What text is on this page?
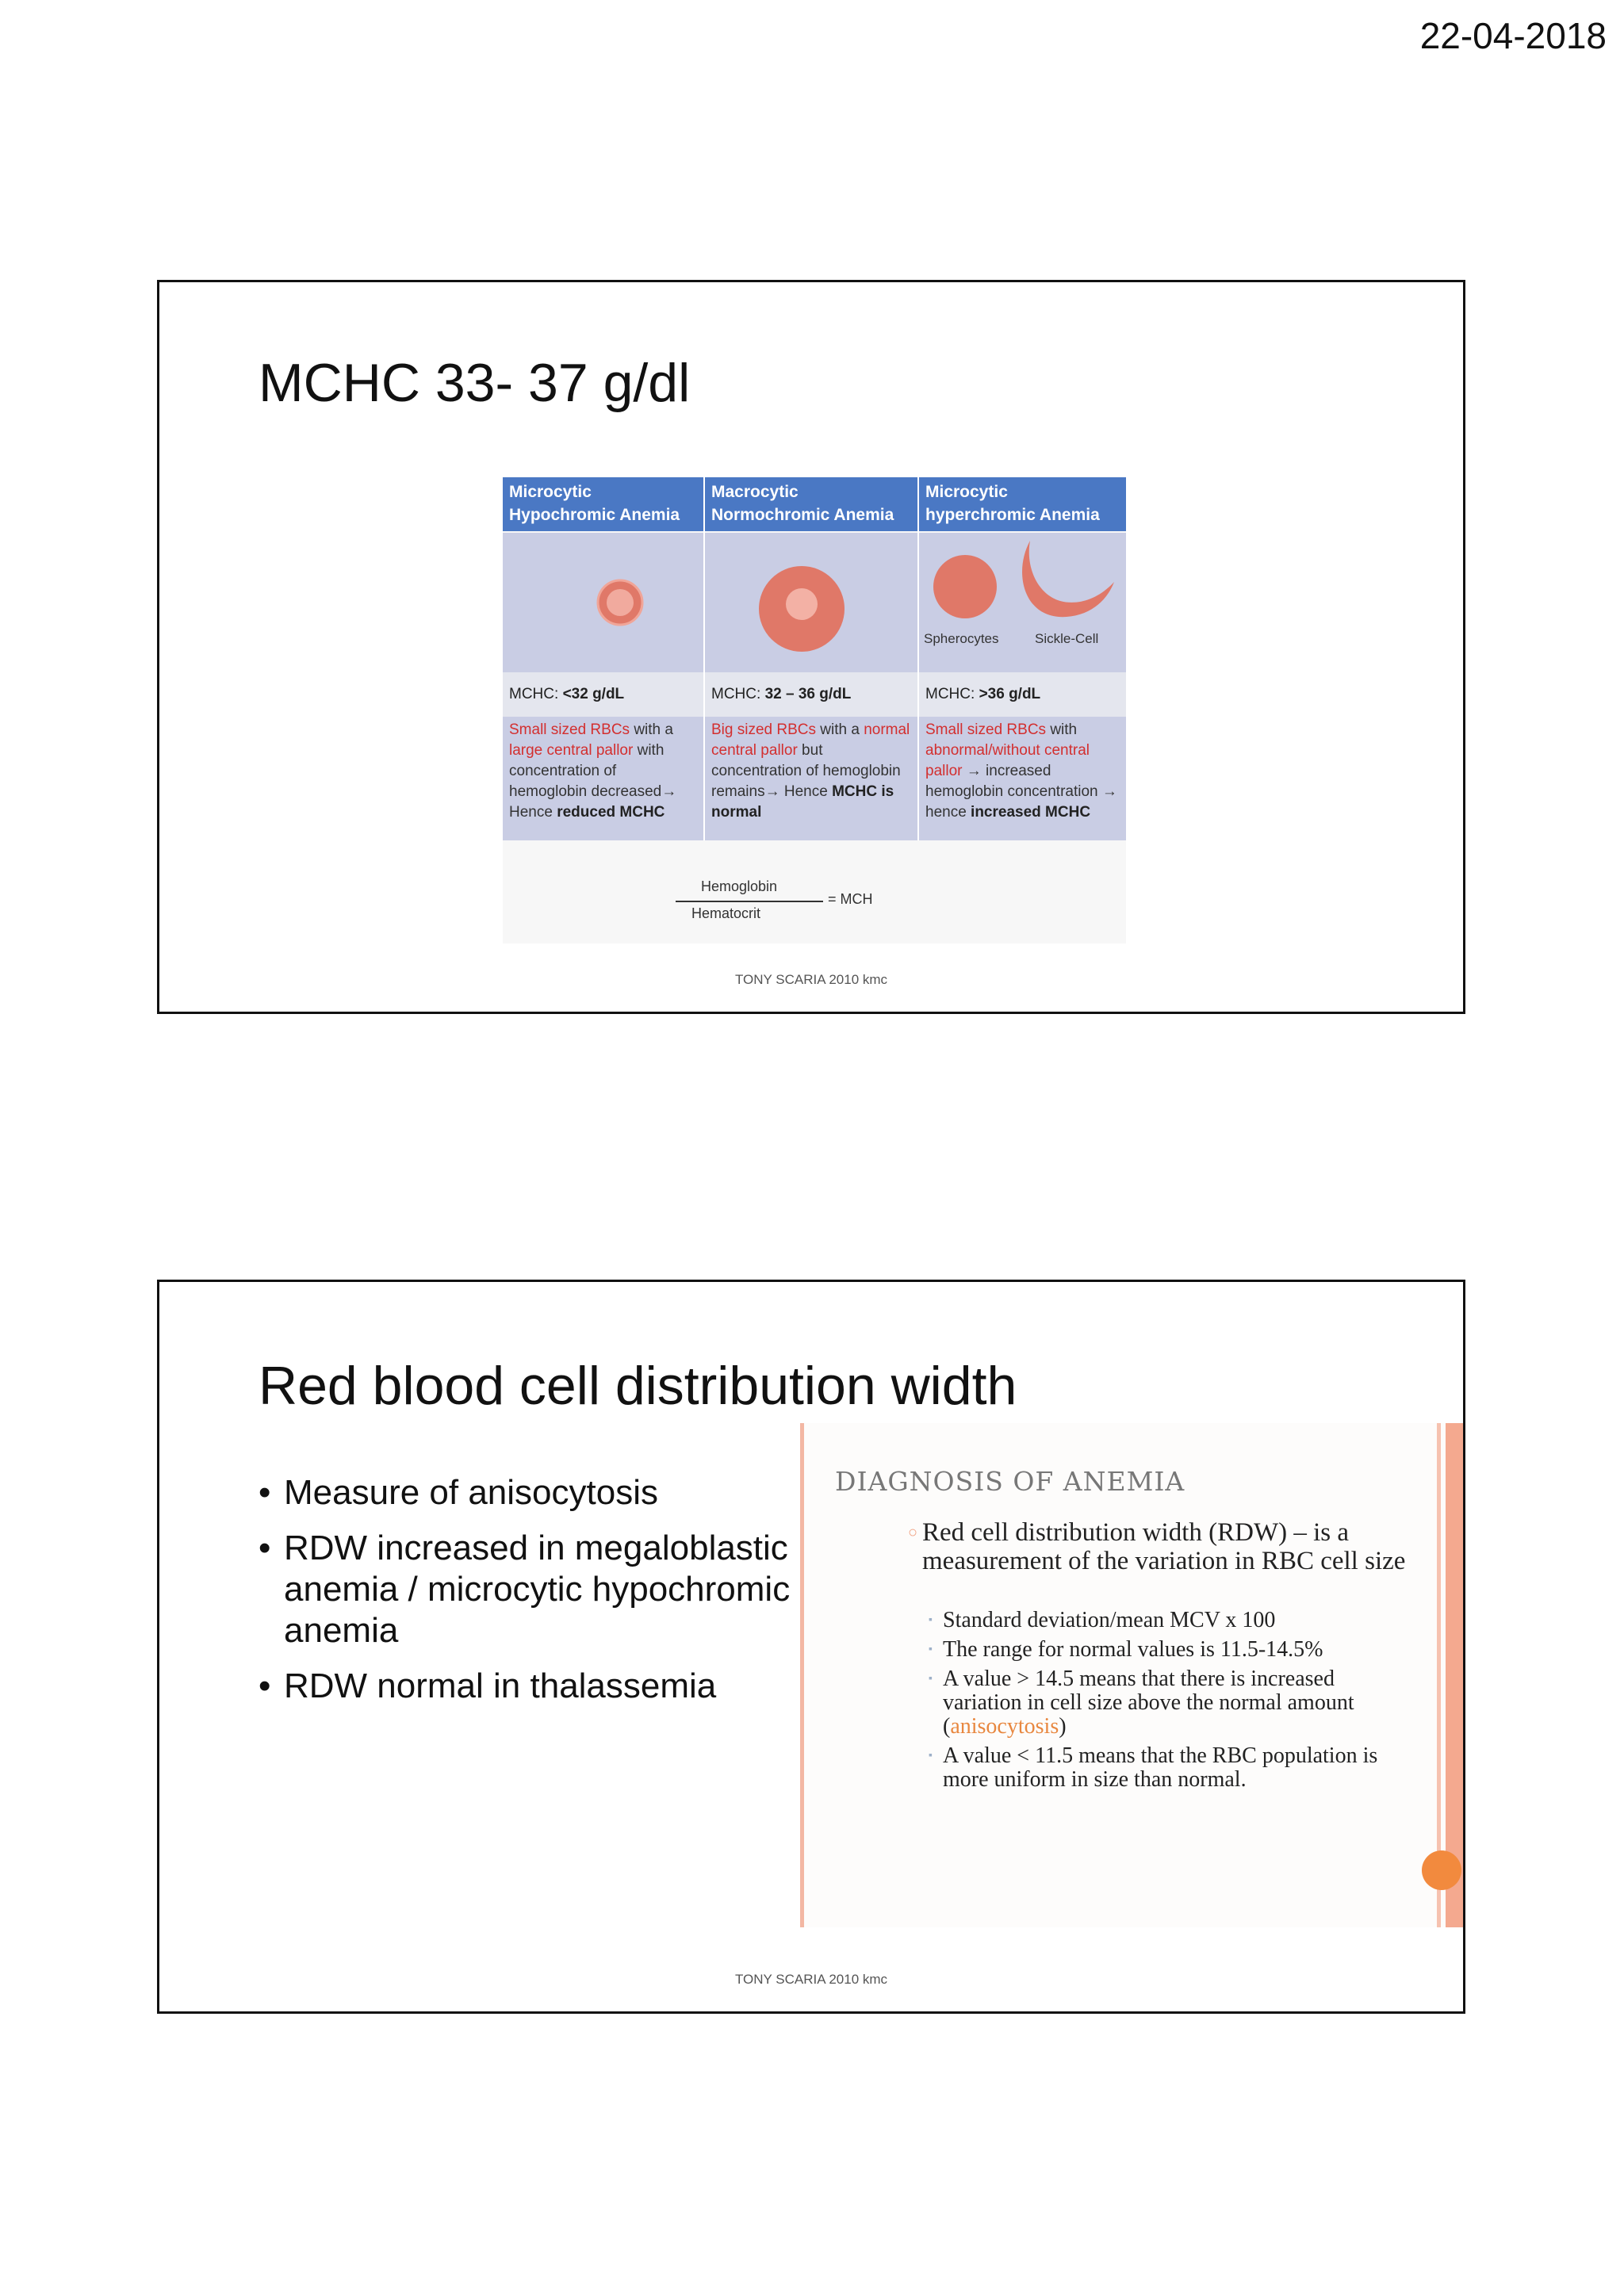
22-04-2018
MCHC 33- 37 g/dl
Microcytic Hypochromic Anemia
MCHC: <32 g/dL
Small sized RBCs with a large central pallor with concentration of hemoglobin decreased→ Hence reduced MCHC
Macrocytic Normochromic Anemia
MCHC: 32 – 36 g/dL
Big sized RBCs with a normal central pallor but concentration of hemoglobin remains→ Hence MCHC is normal
Microcytic hyperchromic Anemia
Spherocytes	Sickle-Cell
MCHC: >36 g/dL
Small sized RBCs with abnormal/without central pallor → increased hemoglobin concentration → hence increased MCHC
Hemoglobin
Hematocrit
= MCH
TONY SCARIA 2010 kmc
Red blood cell distribution width
• Measure of anisocytosis
• RDW increased in megaloblastic anemia / microcytic hypochromic anemia
• RDW normal in thalassemia
DIAGNOSIS OF ANEMIA
○ Red cell distribution width (RDW) – is a measurement of the variation in RBC cell size
▪ Standard deviation/mean MCV x 100
▪ The range for normal values is 11.5-14.5%
▪ A value > 14.5 means that there is increased variation in cell size above the normal amount (anisocytosis)
▪ A value < 11.5 means that the RBC population is more uniform in size than normal.
TONY SCARIA 2010 kmc
